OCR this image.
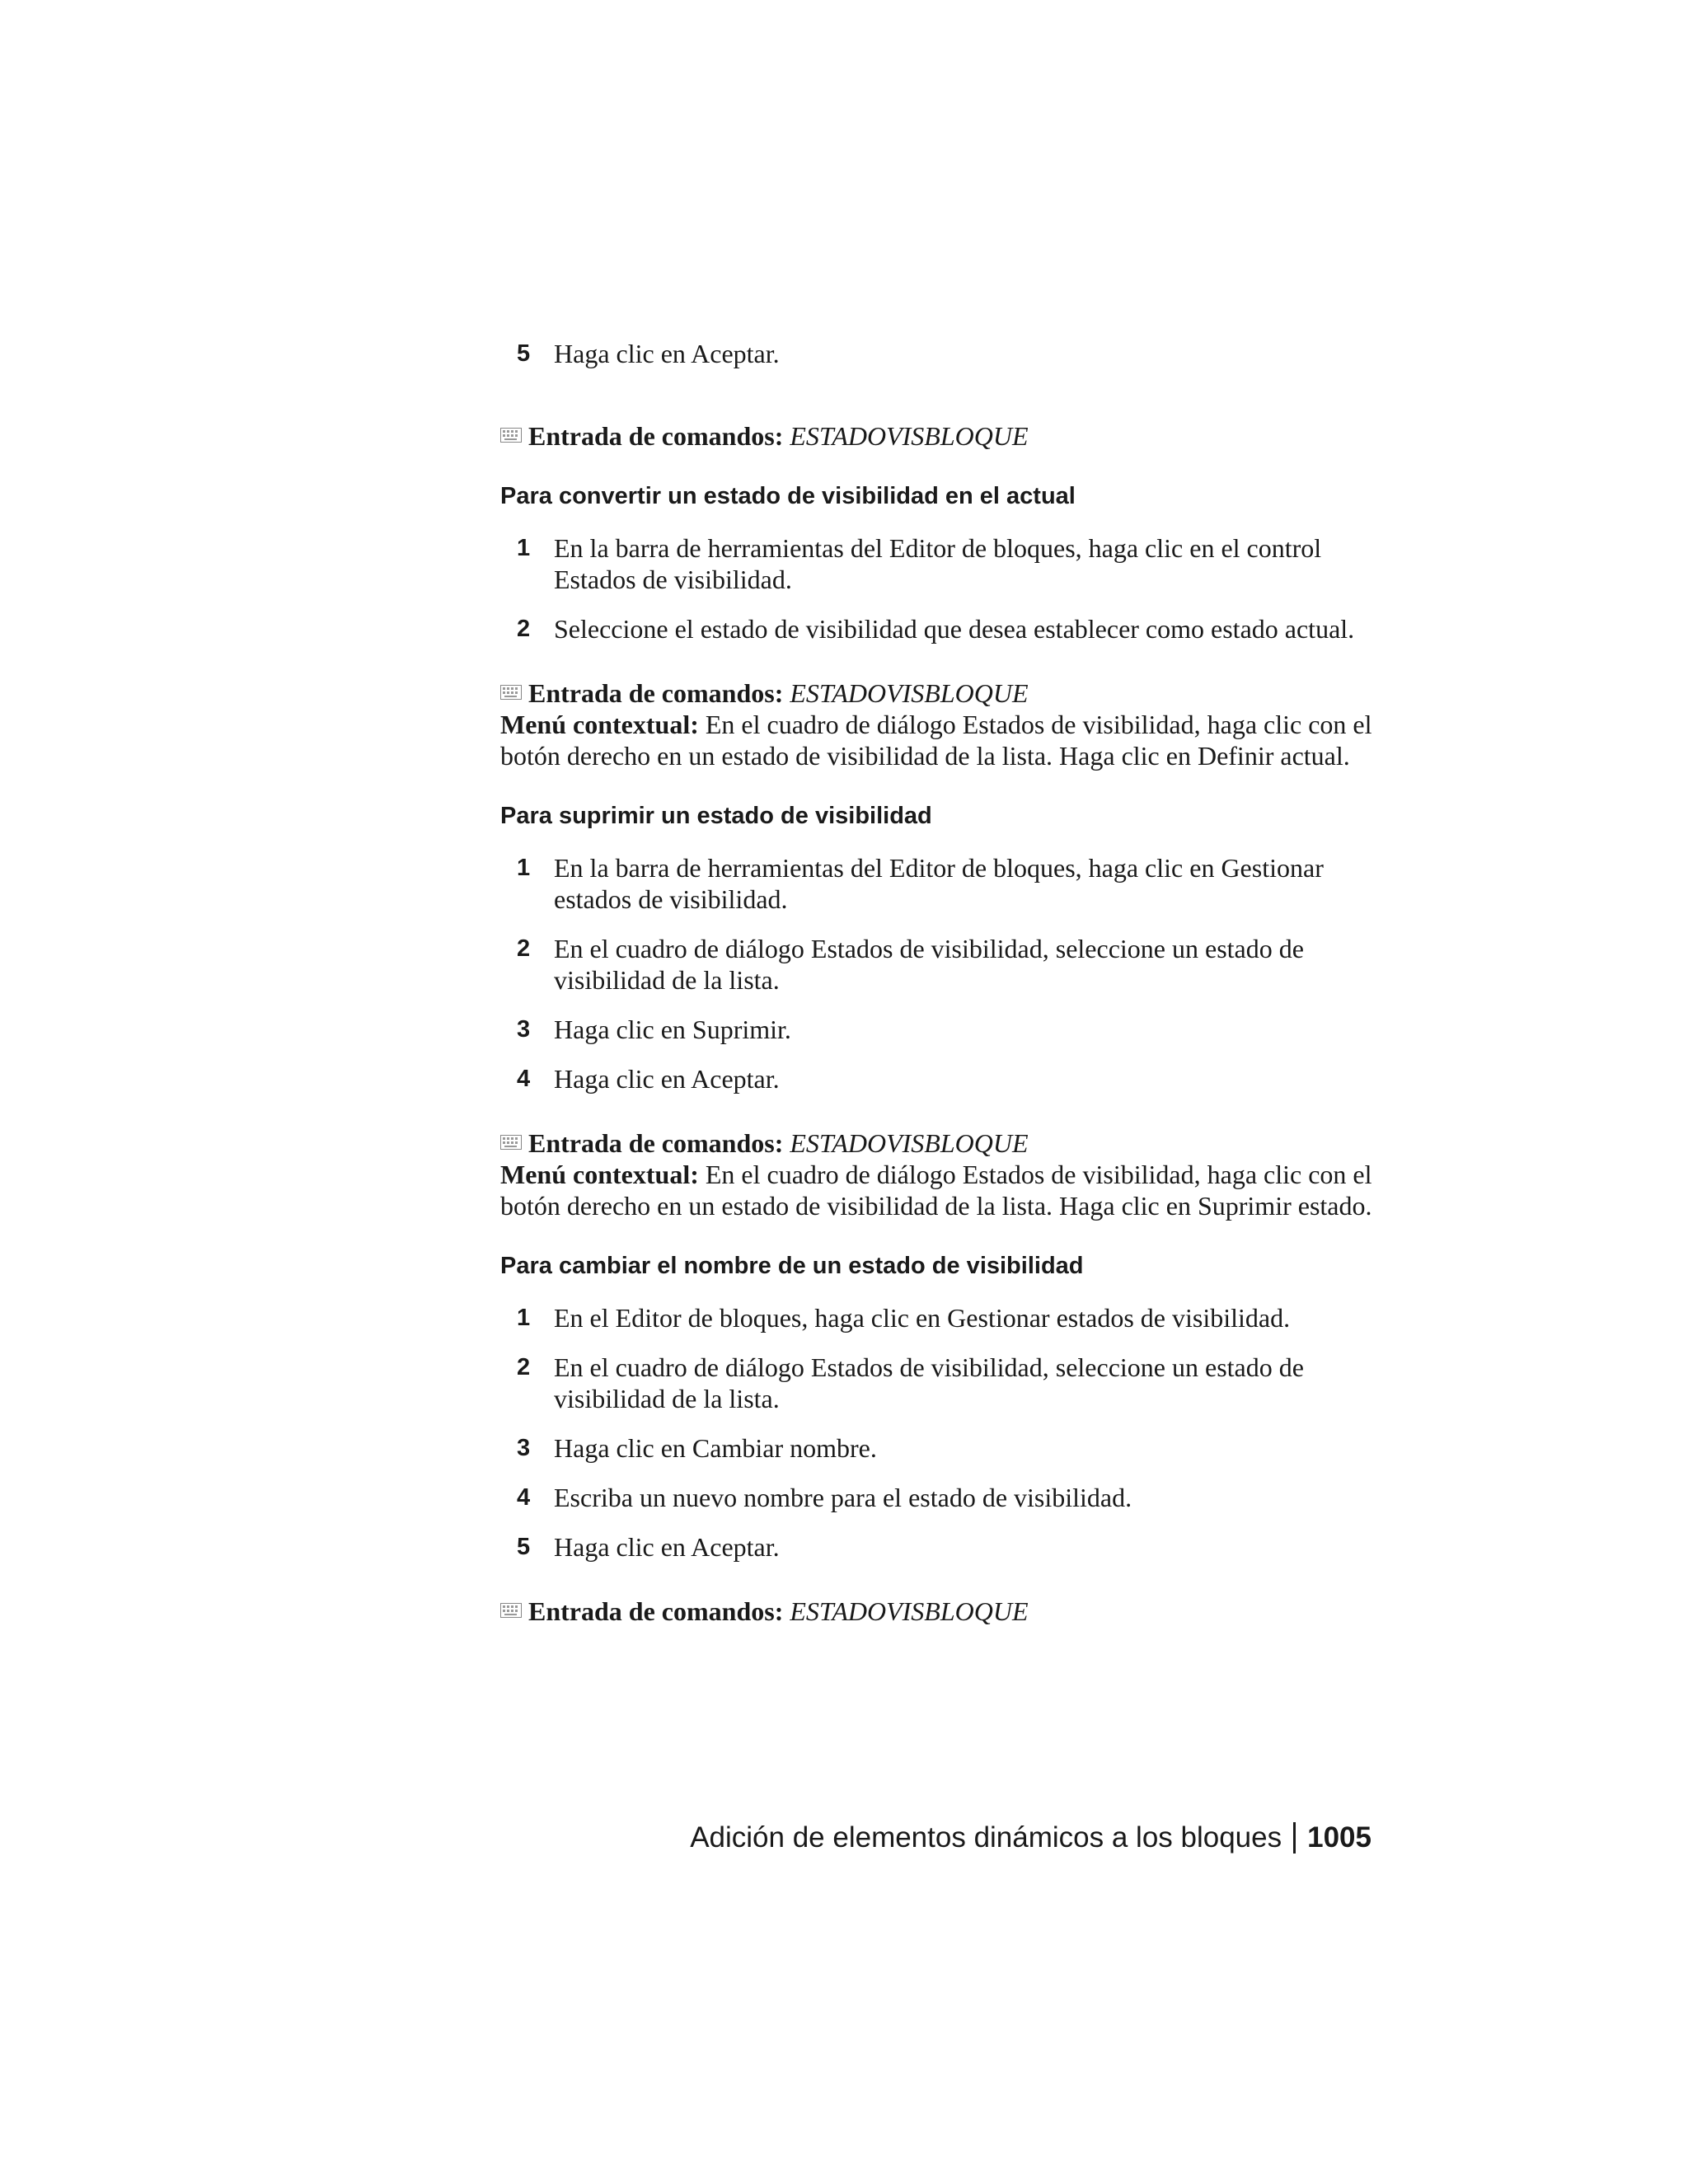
5 Haga clic en Aceptar.
Entrada de comandos: ESTADOVISBLOQUE
Para convertir un estado de visibilidad en el actual
1 En la barra de herramientas del Editor de bloques, haga clic en el control Estados de visibilidad.
2 Seleccione el estado de visibilidad que desea establecer como estado actual.
Entrada de comandos: ESTADOVISBLOQUE
Menú contextual: En el cuadro de diálogo Estados de visibilidad, haga clic con el botón derecho en un estado de visibilidad de la lista. Haga clic en Definir actual.
Para suprimir un estado de visibilidad
1 En la barra de herramientas del Editor de bloques, haga clic en Gestionar estados de visibilidad.
2 En el cuadro de diálogo Estados de visibilidad, seleccione un estado de visibilidad de la lista.
3 Haga clic en Suprimir.
4 Haga clic en Aceptar.
Entrada de comandos: ESTADOVISBLOQUE
Menú contextual: En el cuadro de diálogo Estados de visibilidad, haga clic con el botón derecho en un estado de visibilidad de la lista. Haga clic en Suprimir estado.
Para cambiar el nombre de un estado de visibilidad
1 En el Editor de bloques, haga clic en Gestionar estados de visibilidad.
2 En el cuadro de diálogo Estados de visibilidad, seleccione un estado de visibilidad de la lista.
3 Haga clic en Cambiar nombre.
4 Escriba un nuevo nombre para el estado de visibilidad.
5 Haga clic en Aceptar.
Entrada de comandos: ESTADOVISBLOQUE
Adición de elementos dinámicos a los bloques 1005
